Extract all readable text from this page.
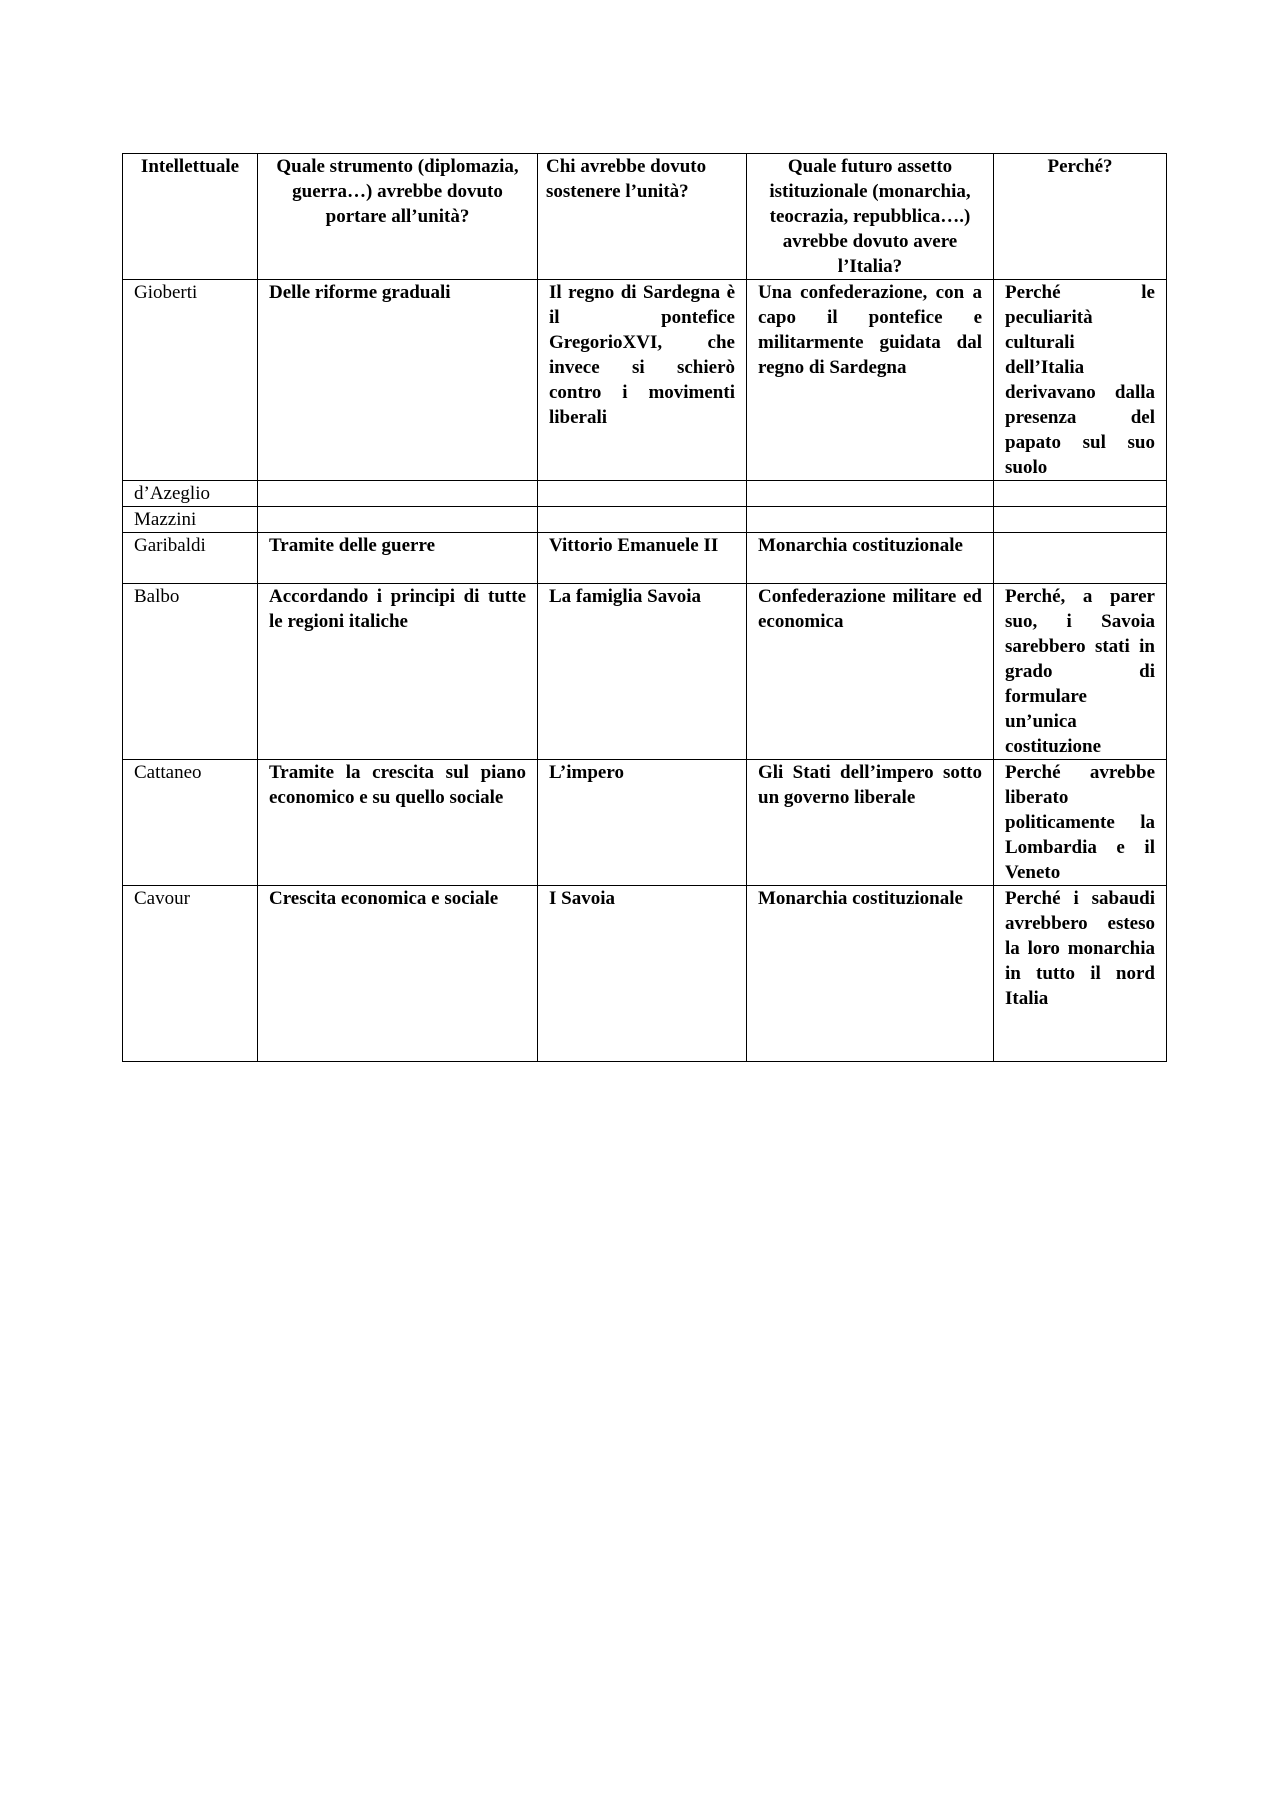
Intellettuale	Quale strumento (diplomazia, guerra…) avrebbe dovuto portare all’unità?	Chi avrebbe dovuto sostenere l’unità?	Quale futuro assetto istituzionale (monarchia, teocrazia, repubblica….) avrebbe dovuto avere l’Italia?	Perché?
Gioberti	Delle riforme graduali	Il regno di Sardegna è il pontefice GregorioXVI, che invece si schierò contro i movimenti liberali	Una confederazione, con a capo il pontefice e militarmente guidata dal regno di Sardegna	Perché le peculiarità culturali dell’Italia derivavano dalla presenza del papato sul suo suolo
d’Azeglio				
Mazzini				
Garibaldi	Tramite delle guerre	Vittorio Emanuele II	Monarchia costituzionale	
Balbo	Accordando i principi di tutte le regioni italiche	La famiglia Savoia	Confederazione militare ed economica	Perché, a parer suo, i Savoia sarebbero stati in grado di formulare un’unica costituzione
Cattaneo	Tramite la crescita sul piano economico e su quello sociale	L’impero	Gli Stati dell’impero sotto un governo liberale	Perché avrebbe liberato politicamente la Lombardia e il Veneto
Cavour	Crescita economica e sociale	I Savoia	Monarchia costituzionale	Perché i sabaudi avrebbero esteso la loro monarchia in tutto il nord Italia
